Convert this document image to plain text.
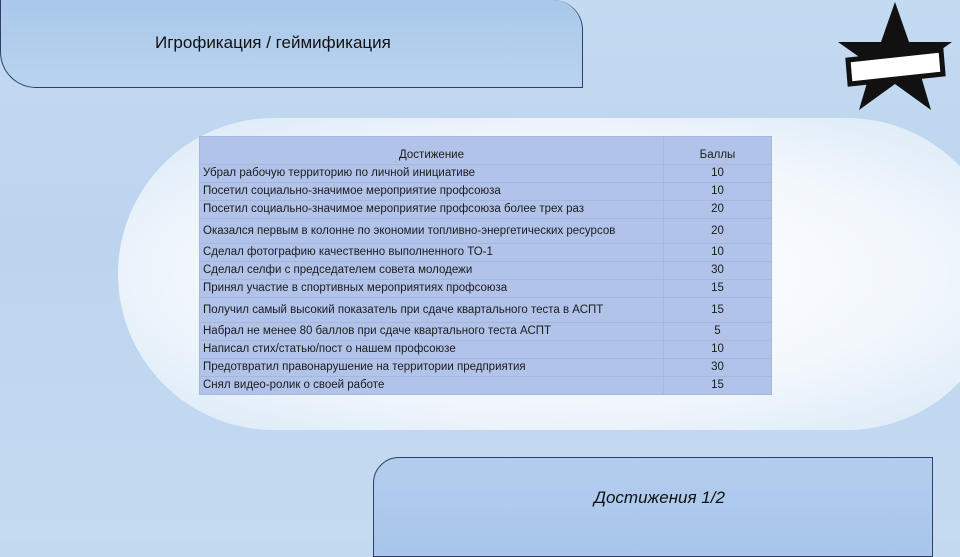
Игрофикация / геймификация
Достижение	Баллы
Убрал рабочую территорию по личной инициативе	10
Посетил социально-значимое мероприятие профсоюза	10
Посетил социально-значимое мероприятие профсоюза более трех раз	20
Оказался первым в колонне по экономии топливно-энергетических ресурсов	20
Сделал фотографию качественно выполненного ТО-1	10
Сделал селфи с председателем совета молодежи	30
Принял участие в спортивных мероприятиях профсоюза	15
Получил самый высокий показатель при сдаче квартального теста в АСПТ	15
Набрал не менее 80 баллов при сдаче квартального теста АСПТ	5
Написал стих/статью/пост о нашем профсоюзе	10
Предотвратил правонарушение на территории предприятия	30
Снял видео-ролик о своей работе	15
Достижения 1/2
